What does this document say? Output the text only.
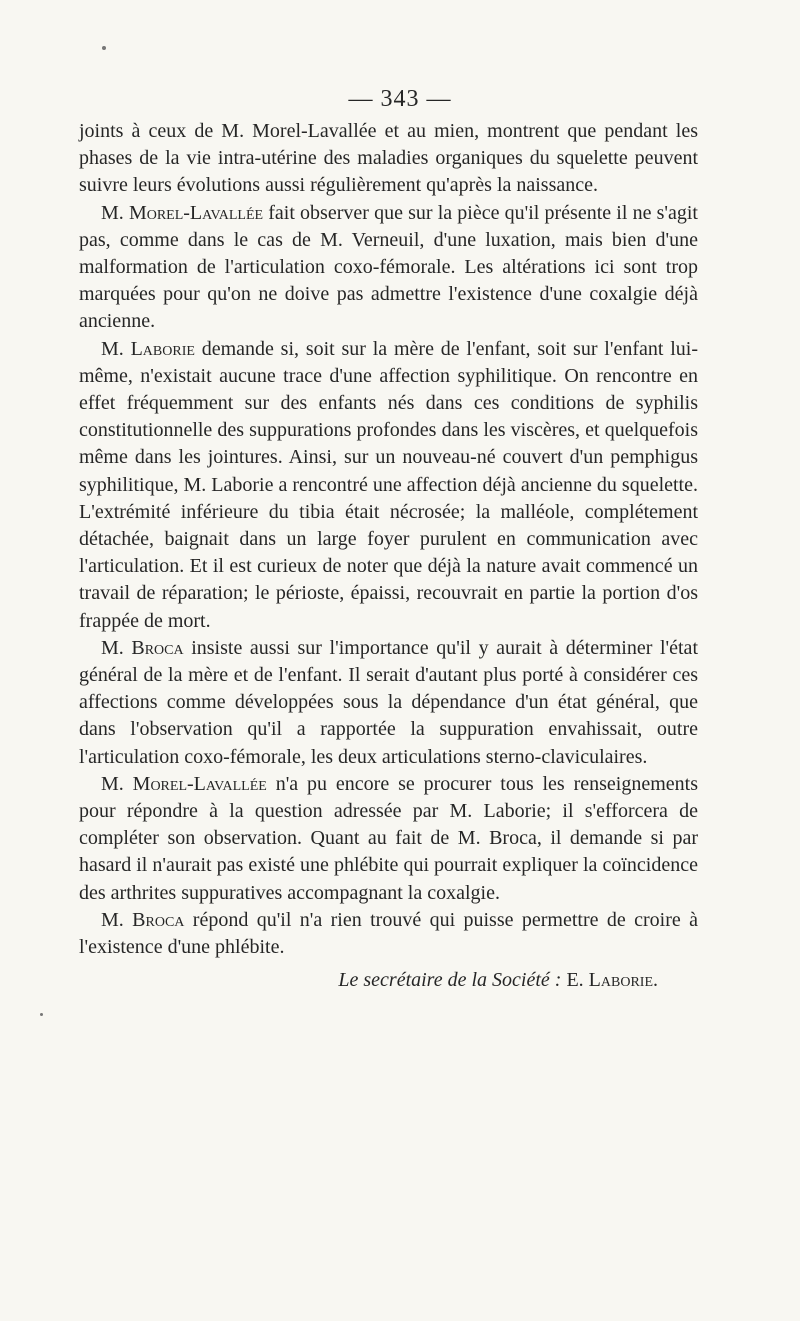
— 343 —

joints à ceux de M. Morel-Lavallée et au mien, montrent que pendant les phases de la vie intra-utérine des maladies organiques du squelette peuvent suivre leurs évolutions aussi régulièrement qu'après la naissance.

M. Morel-Lavallée fait observer que sur la pièce qu'il présente il ne s'agit pas, comme dans le cas de M. Verneuil, d'une luxation, mais bien d'une malformation de l'articulation coxo-fémorale. Les altérations ici sont trop marquées pour qu'on ne doive pas admettre l'existence d'une coxalgie déjà ancienne.

M. Laborie demande si, soit sur la mère de l'enfant, soit sur l'enfant lui-même, n'existait aucune trace d'une affection syphilitique. On rencontre en effet fréquemment sur des enfants nés dans ces conditions de syphilis constitutionnelle des suppurations profondes dans les viscères, et quelquefois même dans les jointures. Ainsi, sur un nouveau-né couvert d'un pemphigus syphilitique, M. Laborie a rencontré une affection déjà ancienne du squelette. L'extrémité inférieure du tibia était nécrosée; la malléole, complétement détachée, baignait dans un large foyer purulent en communication avec l'articulation. Et il est curieux de noter que déjà la nature avait commencé un travail de réparation; le périoste, épaissi, recouvrait en partie la portion d'os frappée de mort.

M. Broca insiste aussi sur l'importance qu'il y aurait à déterminer l'état général de la mère et de l'enfant. Il serait d'autant plus porté à considérer ces affections comme développées sous la dépendance d'un état général, que dans l'observation qu'il a rapportée la suppuration envahissait, outre l'articulation coxo-fémorale, les deux articulations sterno-claviculaires.

M. Morel-Lavallée n'a pu encore se procurer tous les renseignements pour répondre à la question adressée par M. Laborie; il s'efforcera de compléter son observation. Quant au fait de M. Broca, il demande si par hasard il n'aurait pas existé une phlébite qui pourrait expliquer la coïncidence des arthrites suppuratives accompagnant la coxalgie.

M. Broca répond qu'il n'a rien trouvé qui puisse permettre de croire à l'existence d'une phlébite.

Le secrétaire de la Société : E. Laborie.
